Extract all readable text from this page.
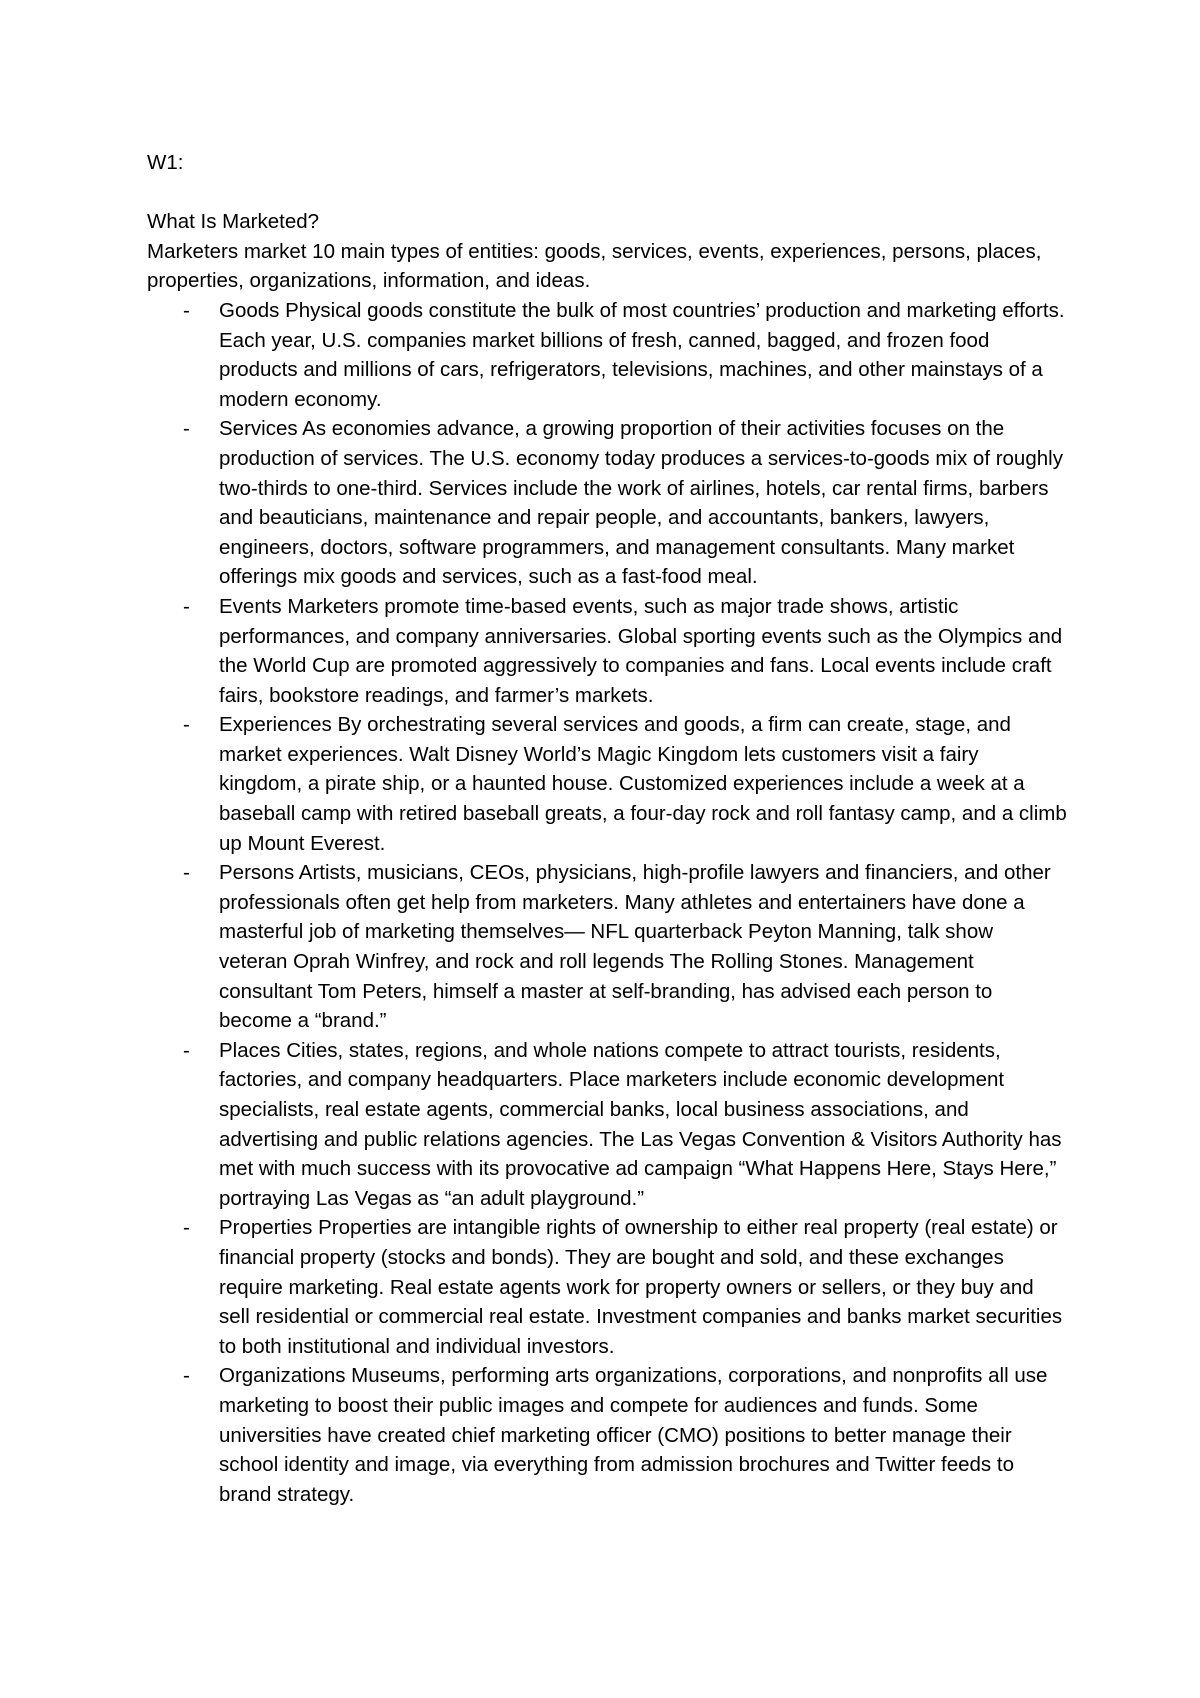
W1:

What Is Marketed?

Marketers market 10 main types of entities: goods, services, events, experiences, persons, places, properties, organizations, information, and ideas.

-	Goods Physical goods constitute the bulk of most countries’ production and marketing efforts. Each year, U.S. companies market billions of fresh, canned, bagged, and frozen food products and millions of cars, refrigerators, televisions, machines, and other mainstays of a modern economy.
-	Services As economies advance, a growing proportion of their activities focuses on the production of services. The U.S. economy today produces a services-to-goods mix of roughly two-thirds to one-third. Services include the work of airlines, hotels, car rental firms, barbers and beauticians, maintenance and repair people, and accountants, bankers, lawyers, engineers, doctors, software programmers, and management consultants. Many market offerings mix goods and services, such as a fast-food meal.
-	Events Marketers promote time-based events, such as major trade shows, artistic performances, and company anniversaries. Global sporting events such as the Olympics and the World Cup are promoted aggressively to companies and fans. Local events include craft fairs, bookstore readings, and farmer’s markets.
-	Experiences By orchestrating several services and goods, a firm can create, stage, and market experiences. Walt Disney World’s Magic Kingdom lets customers visit a fairy kingdom, a pirate ship, or a haunted house. Customized experiences include a week at a baseball camp with retired baseball greats, a four-day rock and roll fantasy camp, and a climb up Mount Everest.
-	Persons Artists, musicians, CEOs, physicians, high-profile lawyers and financiers, and other professionals often get help from marketers. Many athletes and entertainers have done a masterful job of marketing themselves— NFL quarterback Peyton Manning, talk show veteran Oprah Winfrey, and rock and roll legends The Rolling Stones. Management consultant Tom Peters, himself a master at self-branding, has advised each person to become a “brand.”
-	Places Cities, states, regions, and whole nations compete to attract tourists, residents, factories, and company headquarters. Place marketers include economic development specialists, real estate agents, commercial banks, local business associations, and advertising and public relations agencies. The Las Vegas Convention & Visitors Authority has met with much success with its provocative ad campaign “What Happens Here, Stays Here,” portraying Las Vegas as “an adult playground.”
-	Properties Properties are intangible rights of ownership to either real property (real estate) or financial property (stocks and bonds). They are bought and sold, and these exchanges require marketing. Real estate agents work for property owners or sellers, or they buy and sell residential or commercial real estate. Investment companies and banks market securities to both institutional and individual investors.
-	Organizations Museums, performing arts organizations, corporations, and nonprofits all use marketing to boost their public images and compete for audiences and funds. Some universities have created chief marketing officer (CMO) positions to better manage their school identity and image, via everything from admission brochures and Twitter feeds to brand strategy.
